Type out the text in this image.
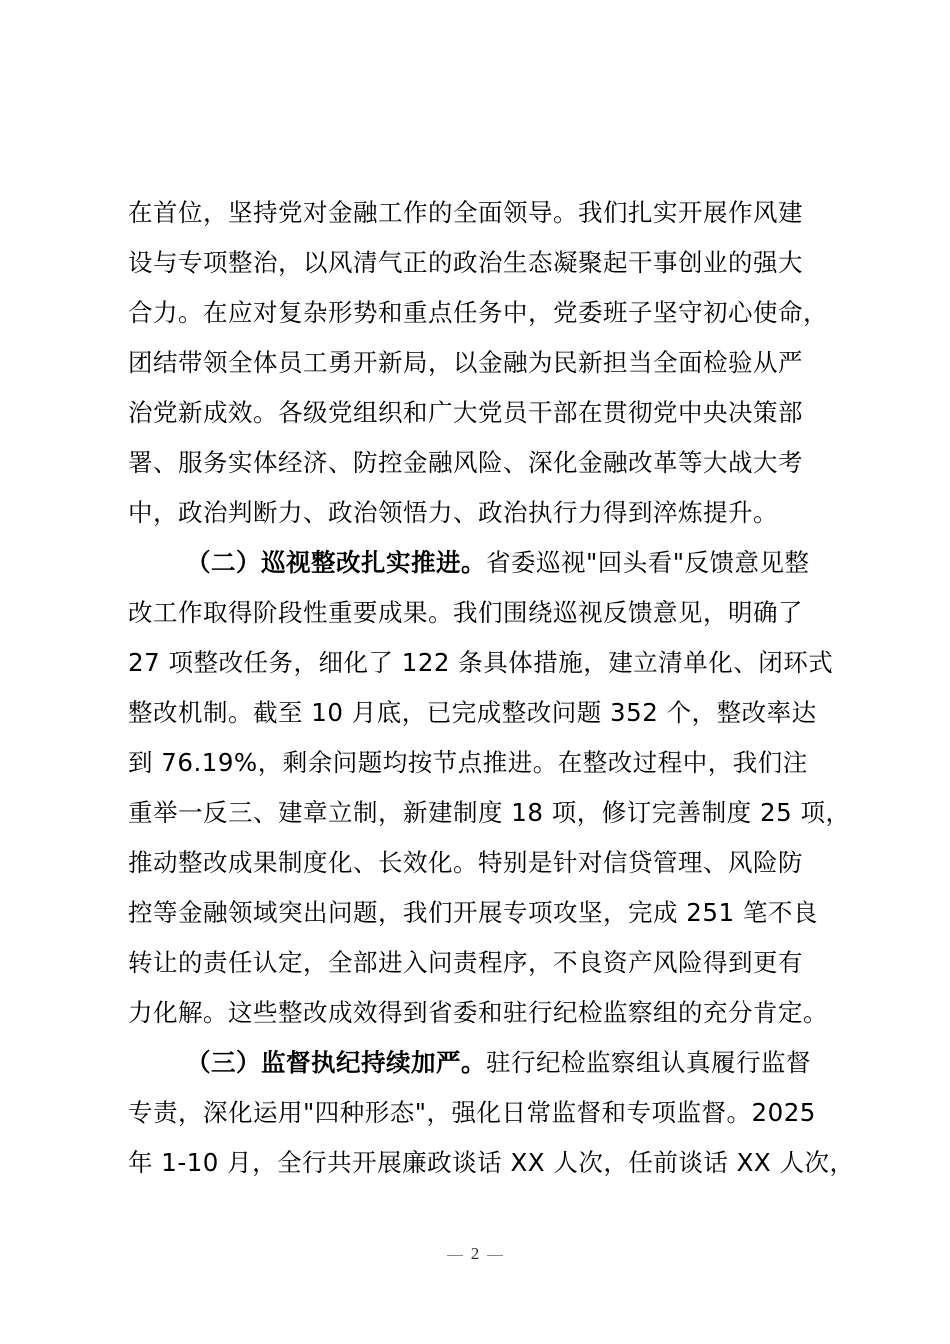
在首位，坚持党对金融工作的全面领导。我们扎实开展作风建
设与专项整治，以风清气正的政治生态凝聚起干事创业的强大
合力。在应对复杂形势和重点任务中，党委班子坚守初心使命，
团结带领全体员工勇开新局，以金融为民新担当全面检验从严
治党新成效。各级党组织和广大党员干部在贯彻党中央决策部
署、服务实体经济、防控金融风险、深化金融改革等大战大考
中，政治判断力、政治领悟力、政治执行力得到淬炼提升。
（二）巡视整改扎实推进。省委巡视"回头看"反馈意见整
改工作取得阶段性重要成果。我们围绕巡视反馈意见，明确了
27 项整改任务，细化了 122 条具体措施，建立清单化、闭环式
整改机制。截至 10 月底，已完成整改问题 352 个，整改率达
到 76.19%，剩余问题均按节点推进。在整改过程中，我们注
重举一反三、建章立制，新建制度 18 项，修订完善制度 25 项，
推动整改成果制度化、长效化。特别是针对信贷管理、风险防
控等金融领域突出问题，我们开展专项攻坚，完成 251 笔不良
转让的责任认定，全部进入问责程序，不良资产风险得到更有
力化解。这些整改成效得到省委和驻行纪检监察组的充分肯定。
（三）监督执纪持续加严。驻行纪检监察组认真履行监督
专责，深化运用"四种形态"，强化日常监督和专项监督。2025
年 1-10 月，全行共开展廉政谈话 XX 人次，任前谈话 XX 人次，
2
